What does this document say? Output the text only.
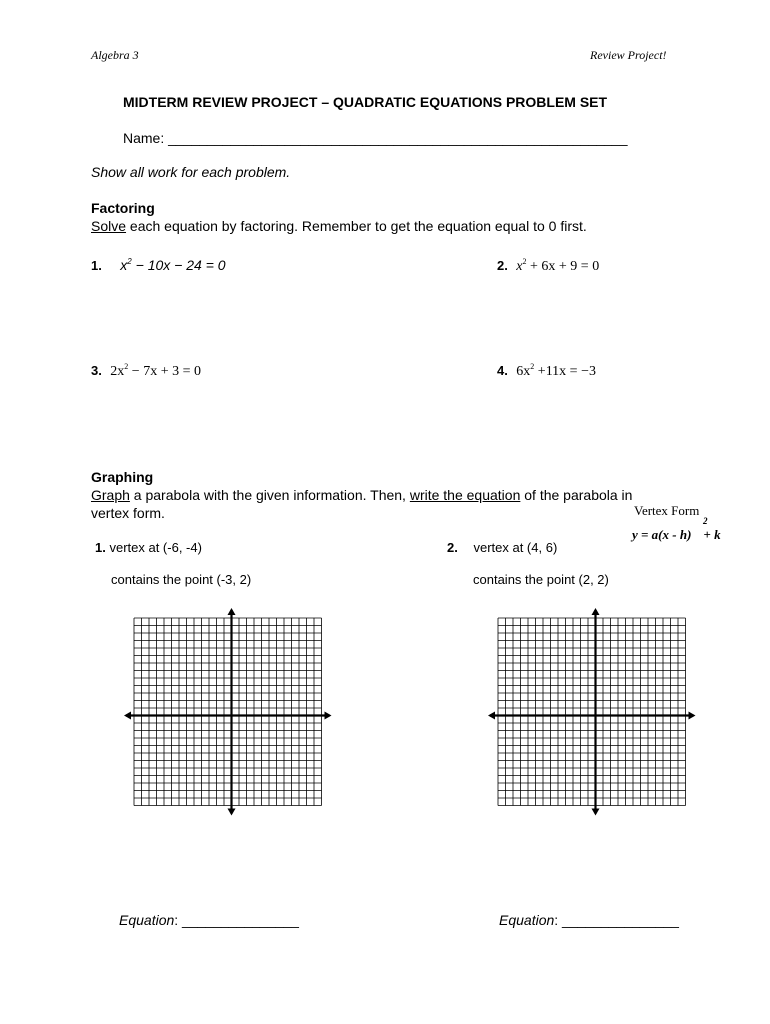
Algebra 3	Review Project!
MIDTERM REVIEW PROJECT – QUADRATIC EQUATIONS PROBLEM SET
Name: ___________________________________________________________
Show all work for each problem.
Factoring
Solve each equation by factoring. Remember to get the equation equal to 0 first.
1. $x^2 - 10x - 24 = 0$	2. $x^2 + 6x + 9 = 0$
3. $2x^2 - 7x + 3 = 0$	4. $6x^2 +11x = -3$
Graphing
Graph a parabola with the given information. Then, write the equation of the parabola in
vertex form.	Vertex Form
2
y = a(x - h) + k
1. vertex at (-6, -4)
contains the point (-3, 2)
2. vertex at (4, 6)
contains the point (2, 2)
Equation: _______________	Equation: _______________
